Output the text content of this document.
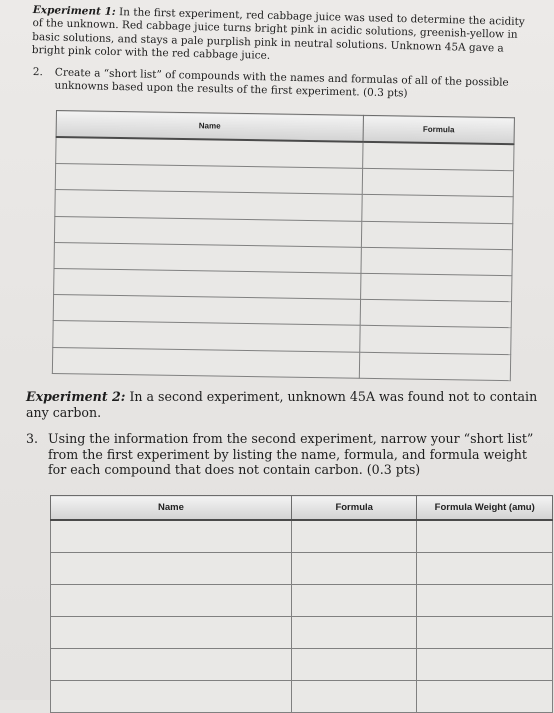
Experiment 1: In the first experiment, red cabbage juice was used to determine the acidity of the unknown. Red cabbage juice turns bright pink in acidic solutions, greenish-yellow in basic solutions, and stays a pale purplish pink in neutral solutions. Unknown 45A gave a bright pink color with the red cabbage juice.
2. Create a “short list” of compounds with the names and formulas of all of the possible unknowns based upon the results of the first experiment. (0.3 pts)
Name	Formula

Experiment 2: In a second experiment, unknown 45A was found not to contain any carbon.
3. Using the information from the second experiment, narrow your “short list” from the first experiment by listing the name, formula, and formula weight for each compound that does not contain carbon. (0.3 pts)
Name	Formula	Formula Weight (amu)
